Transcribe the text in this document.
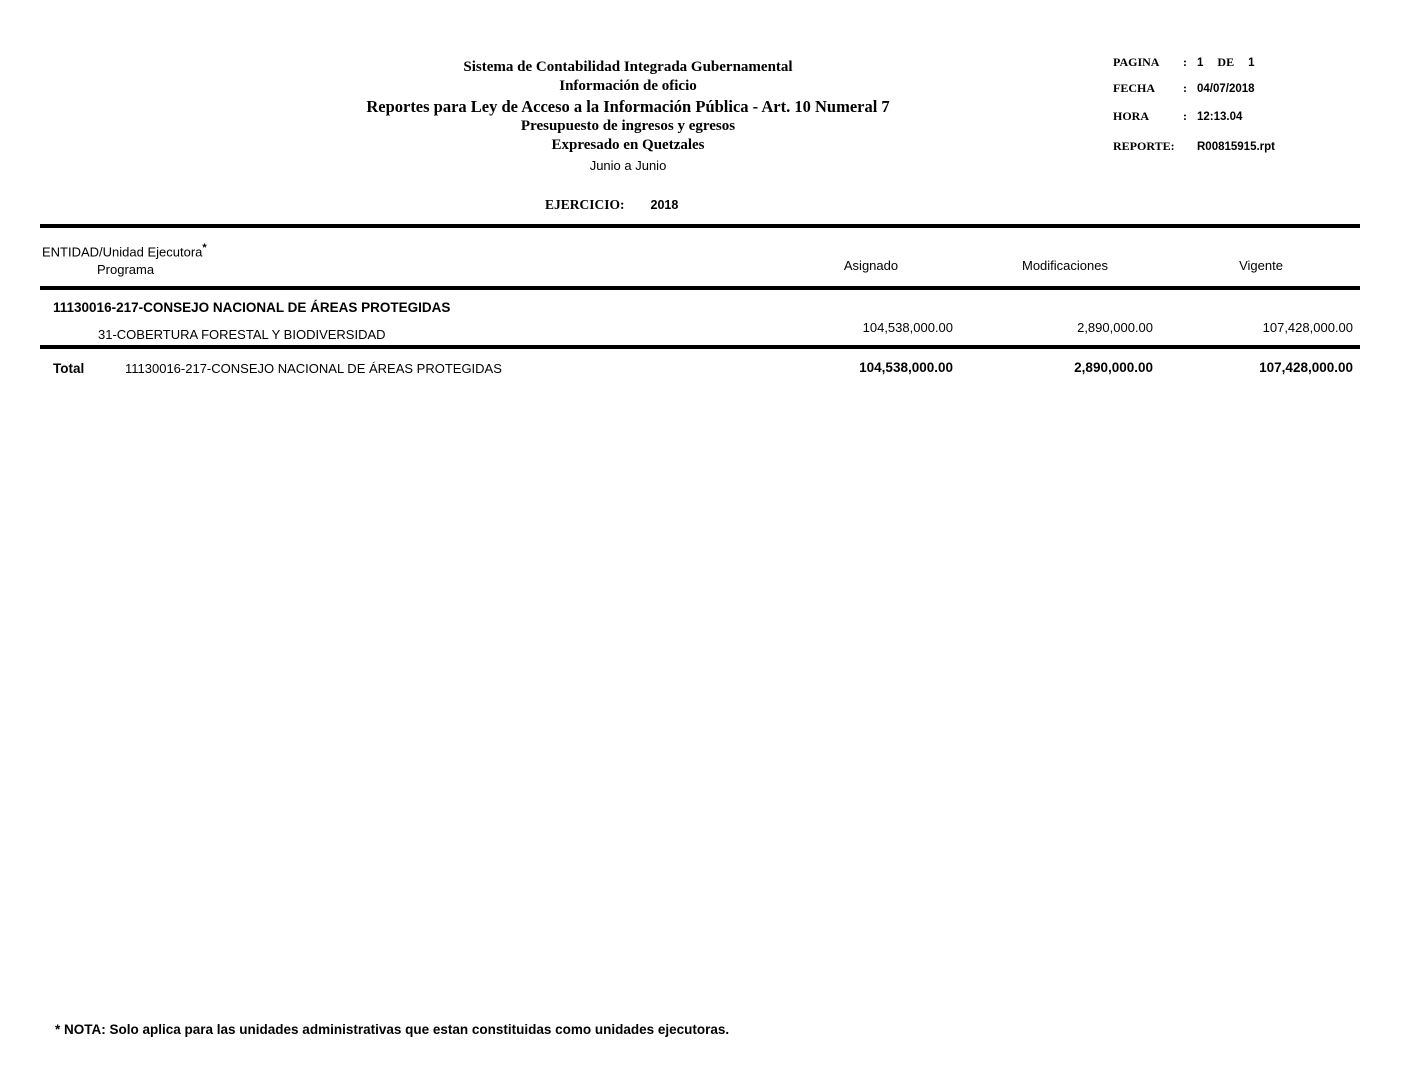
Sistema de Contabilidad Integrada Gubernamental
Información de oficio
Reportes para Ley de Acceso a la Información Pública - Art. 10 Numeral 7
Presupuesto de ingresos y egresos
Expresado en Quetzales
Junio a Junio
EJERCICIO: 2018
PAGINA : 1 DE 1
FECHA : 04/07/2018
HORA	: 12:13.04
REPORTE: R00815915.rpt
ENTIDAD/Unidad Ejecutora*
Programa	Asignado	Modificaciones	Vigente
11130016-217-CONSEJO NACIONAL DE ÁREAS PROTEGIDAS
31-COBERTURA FORESTAL Y BIODIVERSIDAD	104,538,000.00	2,890,000.00	107,428,000.00
Total	11130016-217-CONSEJO NACIONAL DE ÁREAS PROTEGIDAS	104,538,000.00	2,890,000.00	107,428,000.00
* NOTA: Solo aplica para las unidades administrativas que estan constituidas como unidades ejecutoras.
